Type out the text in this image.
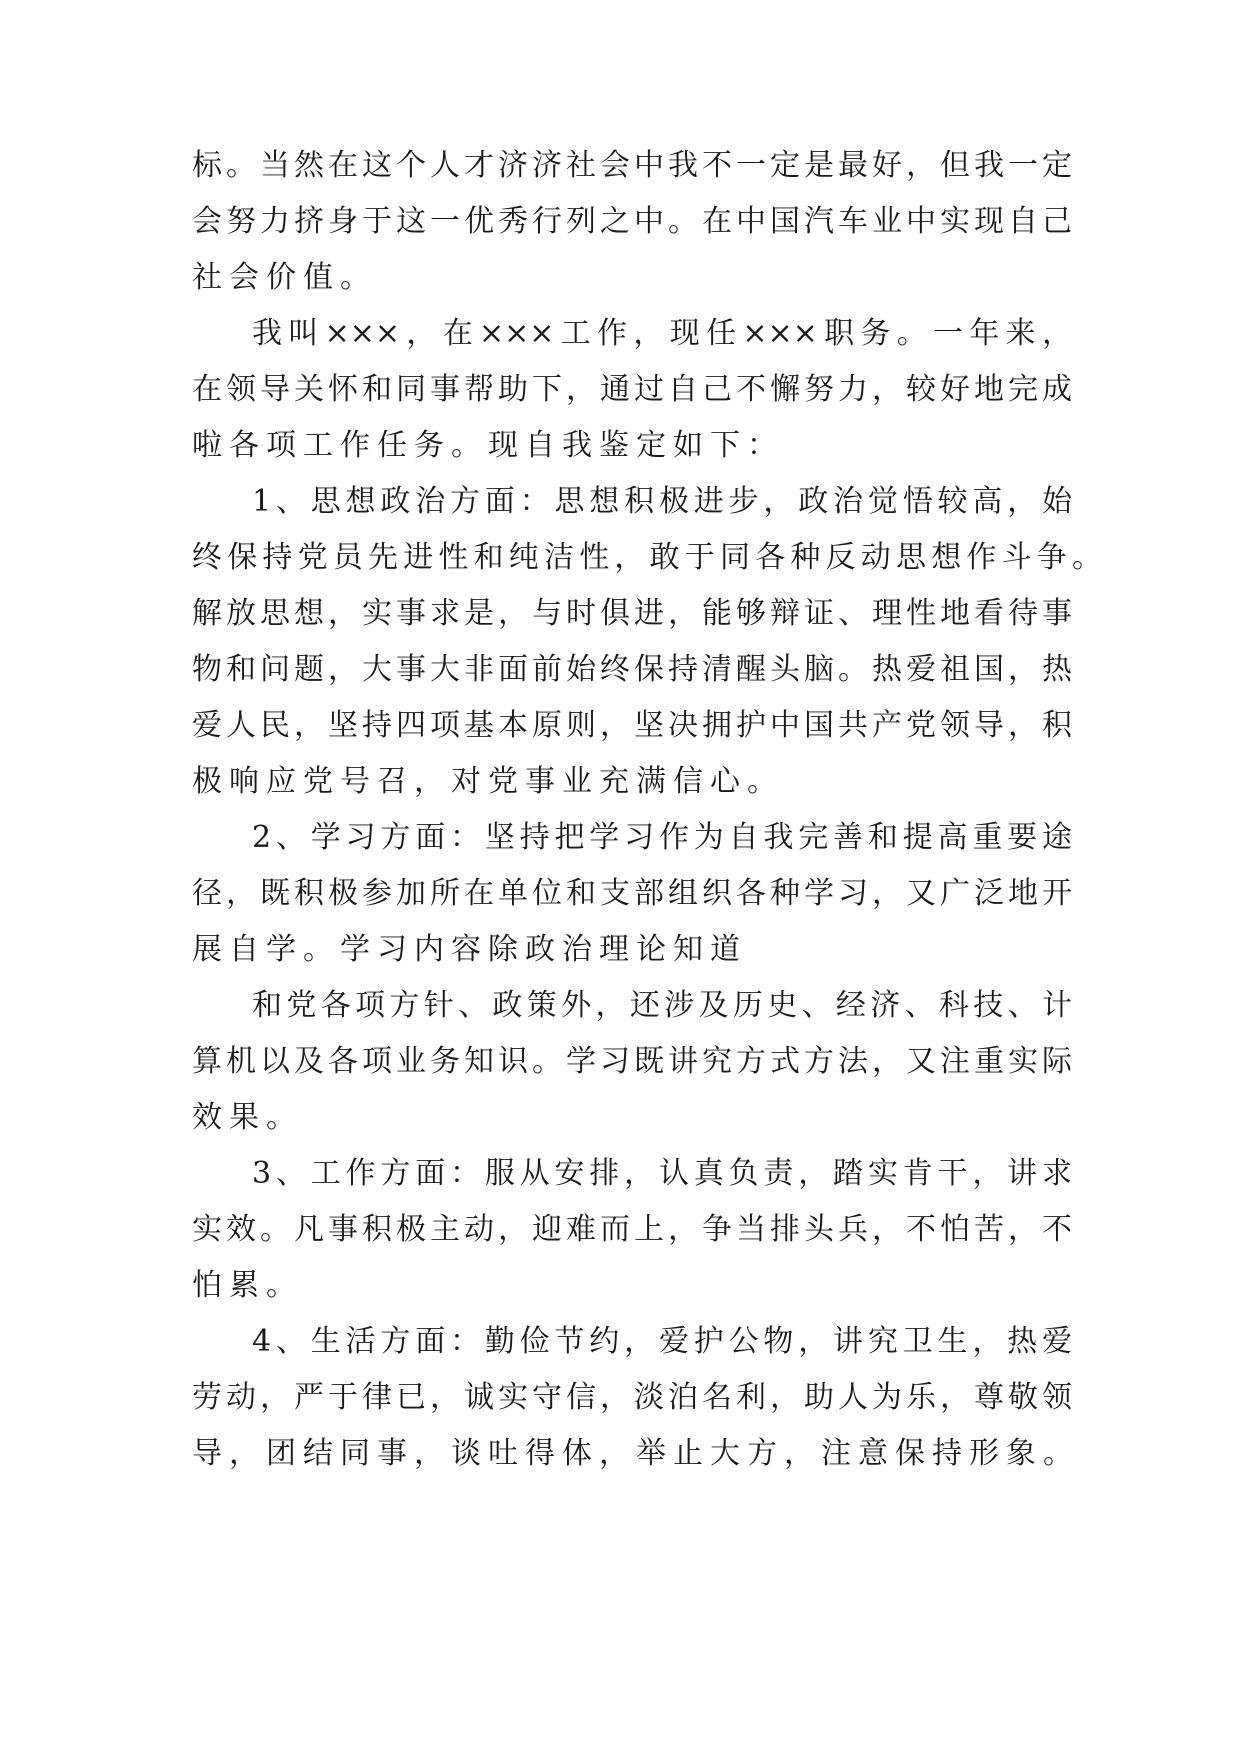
标。当然在这个人才济济社会中我不一定是最好，但我一定
会努力挤身于这一优秀行列之中。在中国汽车业中实现自己
社会价值。
我叫×××，在×××工作，现任×××职务。一年来，
在领导关怀和同事帮助下，通过自己不懈努力，较好地完成
啦各项工作任务。现自我鉴定如下：
1、思想政治方面：思想积极进步，政治觉悟较高，始
终保持党员先进性和纯洁性，敢于同各种反动思想作斗争。
解放思想，实事求是，与时俱进，能够辩证、理性地看待事
物和问题，大事大非面前始终保持清醒头脑。热爱祖国，热
爱人民，坚持四项基本原则，坚决拥护中国共产党领导，积
极响应党号召，对党事业充满信心。
2、学习方面：坚持把学习作为自我完善和提高重要途
径，既积极参加所在单位和支部组织各种学习，又广泛地开
展自学。学习内容除政治理论知道
和党各项方针、政策外，还涉及历史、经济、科技、计
算机以及各项业务知识。学习既讲究方式方法，又注重实际
效果。
3、工作方面：服从安排，认真负责，踏实肯干，讲求
实效。凡事积极主动，迎难而上，争当排头兵，不怕苦，不
怕累。
4、生活方面：勤俭节约，爱护公物，讲究卫生，热爱
劳动，严于律已，诚实守信，淡泊名利，助人为乐，尊敬领
导，团结同事，谈吐得体，举止大方，注意保持形象。
